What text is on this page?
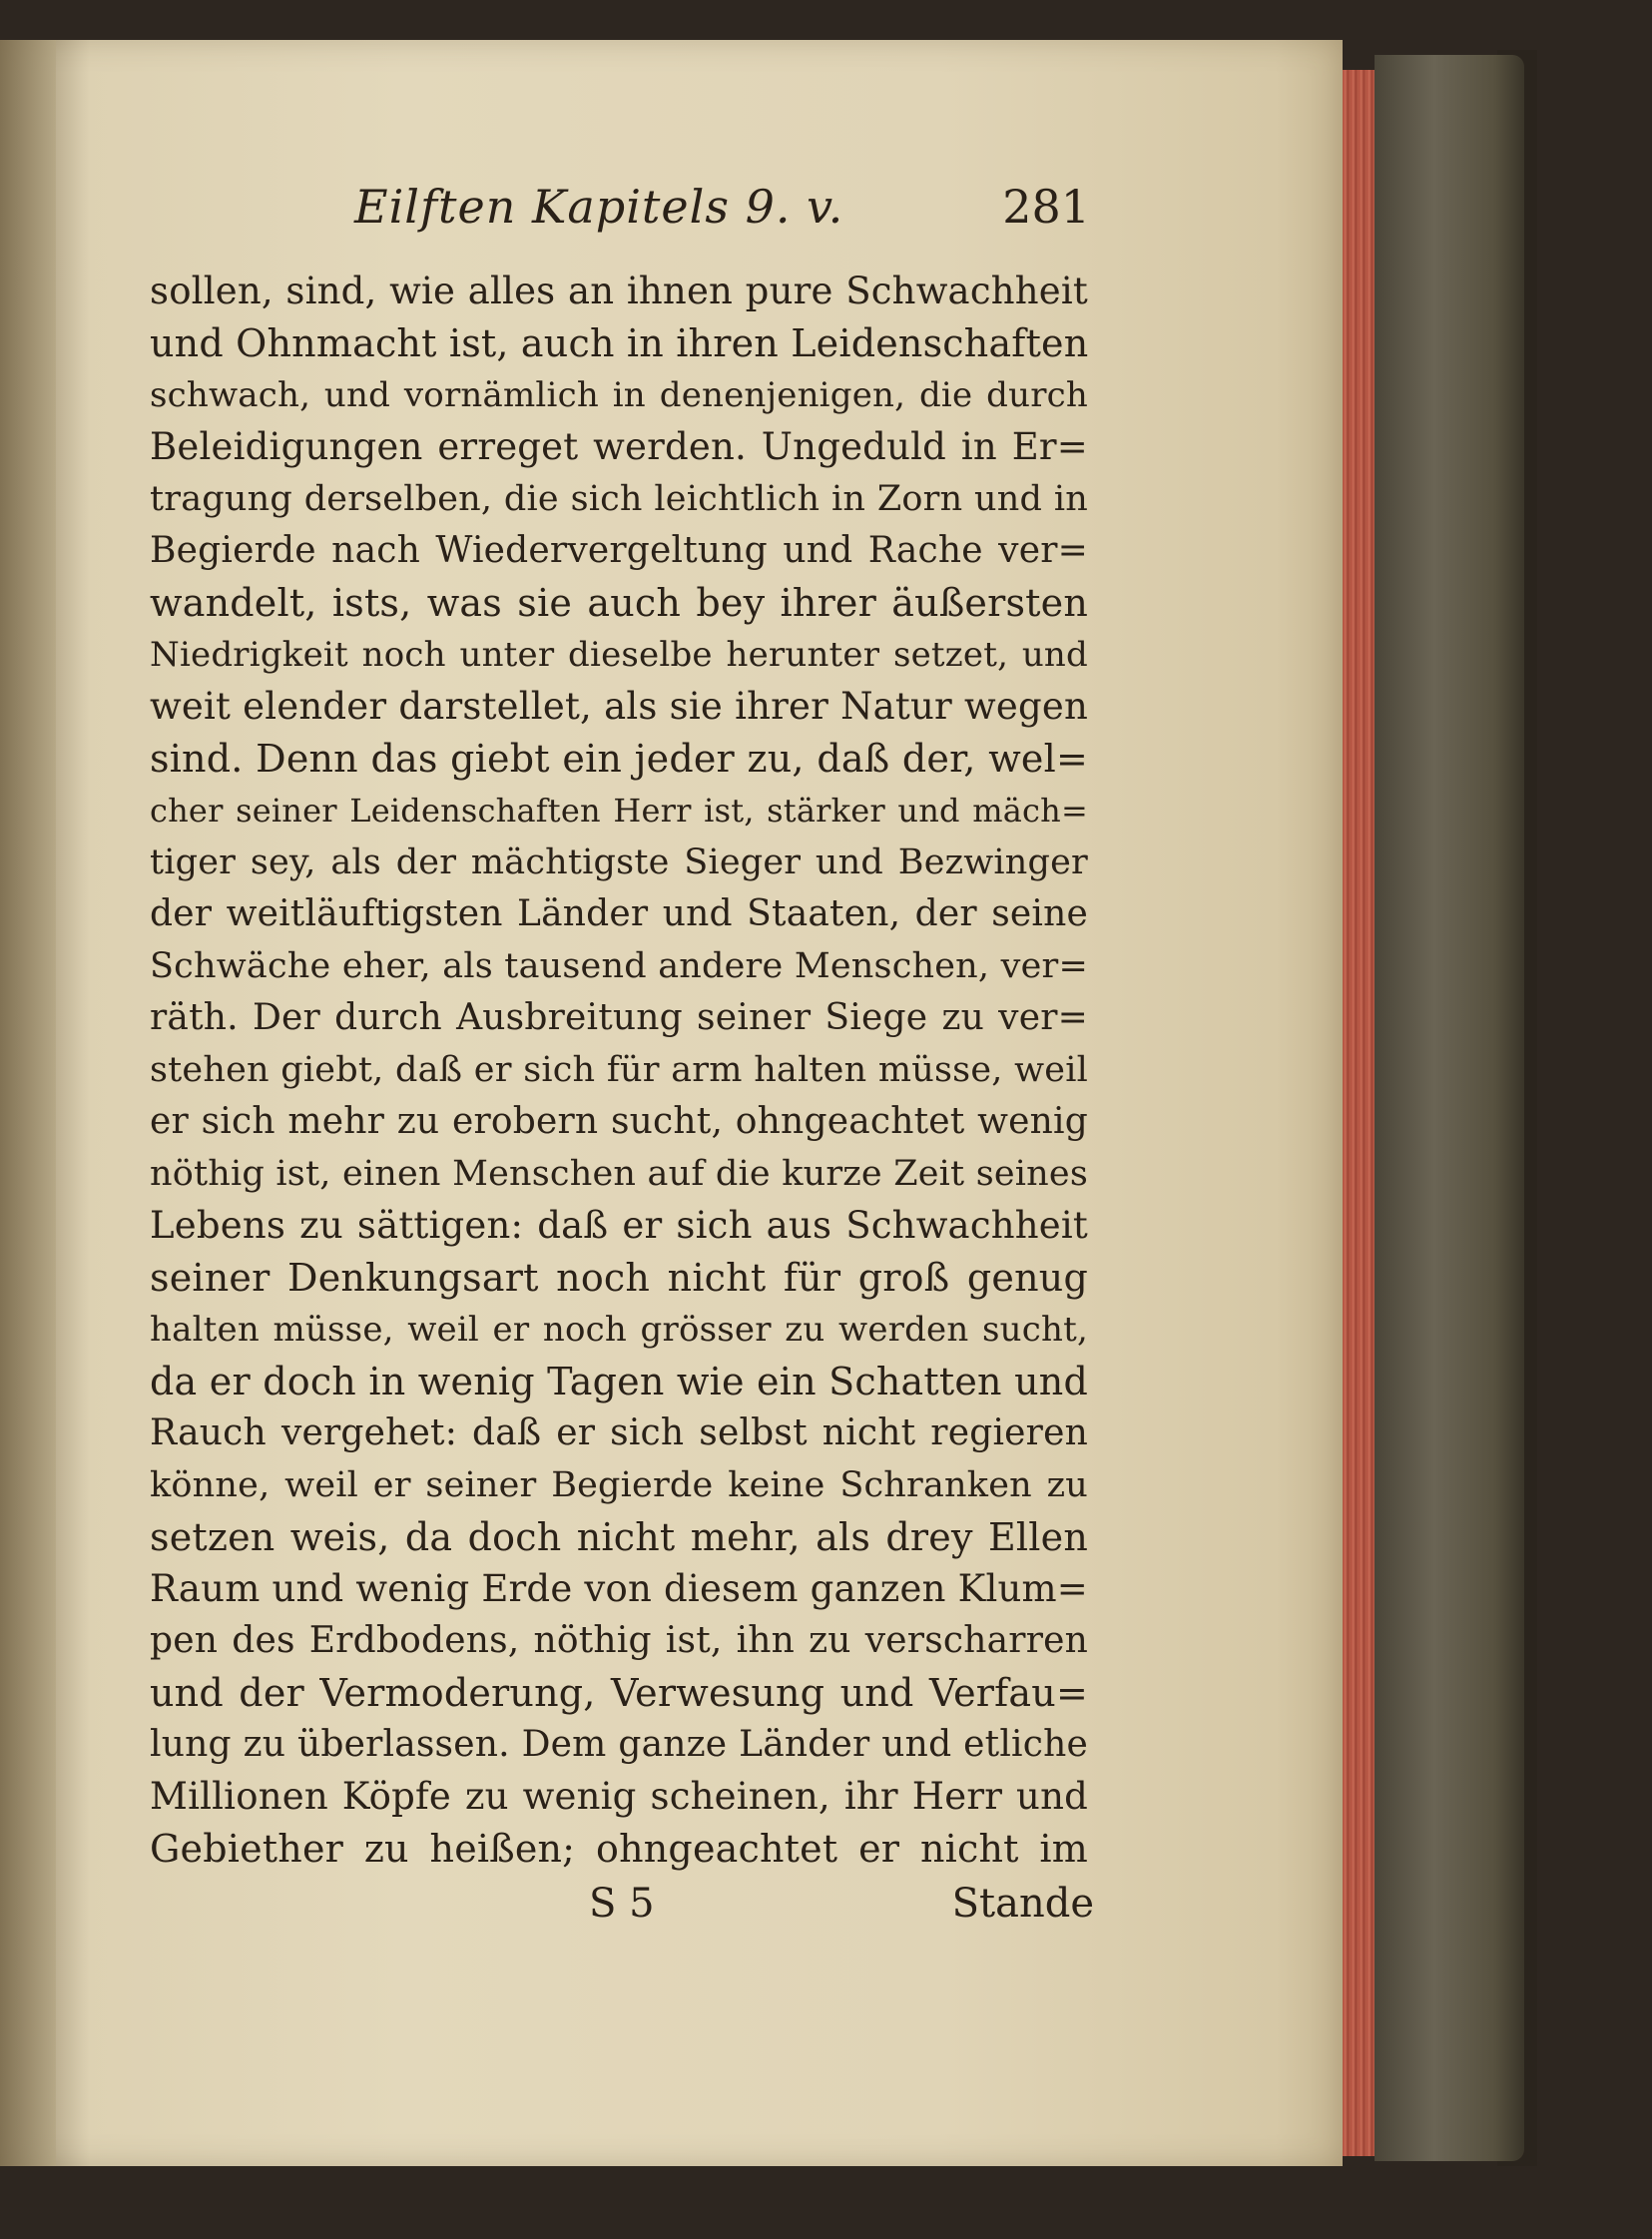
Eilften Kapitels 9. v.	281
sollen, sind, wie alles an ihnen pure Schwachheit
und Ohnmacht ist, auch in ihren Leidenschaften
schwach, und vornämlich in denenjenigen, die durch
Beleidigungen erreget werden. Ungeduld in Er=
tragung derselben, die sich leichtlich in Zorn und in
Begierde nach Wiedervergeltung und Rache ver=
wandelt, ists, was sie auch bey ihrer äußersten
Niedrigkeit noch unter dieselbe herunter setzet, und
weit elender darstellet, als sie ihrer Natur wegen
sind. Denn das giebt ein jeder zu, daß der, wel=
cher seiner Leidenschaften Herr ist, stärker und mäch=
tiger sey, als der mächtigste Sieger und Bezwinger
der weitläuftigsten Länder und Staaten, der seine
Schwäche eher, als tausend andere Menschen, ver=
räth. Der durch Ausbreitung seiner Siege zu ver=
stehen giebt, daß er sich für arm halten müsse, weil
er sich mehr zu erobern sucht, ohngeachtet wenig
nöthig ist, einen Menschen auf die kurze Zeit seines
Lebens zu sättigen: daß er sich aus Schwachheit
seiner Denkungsart noch nicht für groß genug
halten müsse, weil er noch grösser zu werden sucht,
da er doch in wenig Tagen wie ein Schatten und
Rauch vergehet: daß er sich selbst nicht regieren
könne, weil er seiner Begierde keine Schranken zu
setzen weis, da doch nicht mehr, als drey Ellen
Raum und wenig Erde von diesem ganzen Klum=
pen des Erdbodens, nöthig ist, ihn zu verscharren
und der Vermoderung, Verwesung und Verfau=
lung zu überlassen. Dem ganze Länder und etliche
Millionen Köpfe zu wenig scheinen, ihr Herr und
Gebiether zu heißen; ohngeachtet er nicht im
S 5	Stande
